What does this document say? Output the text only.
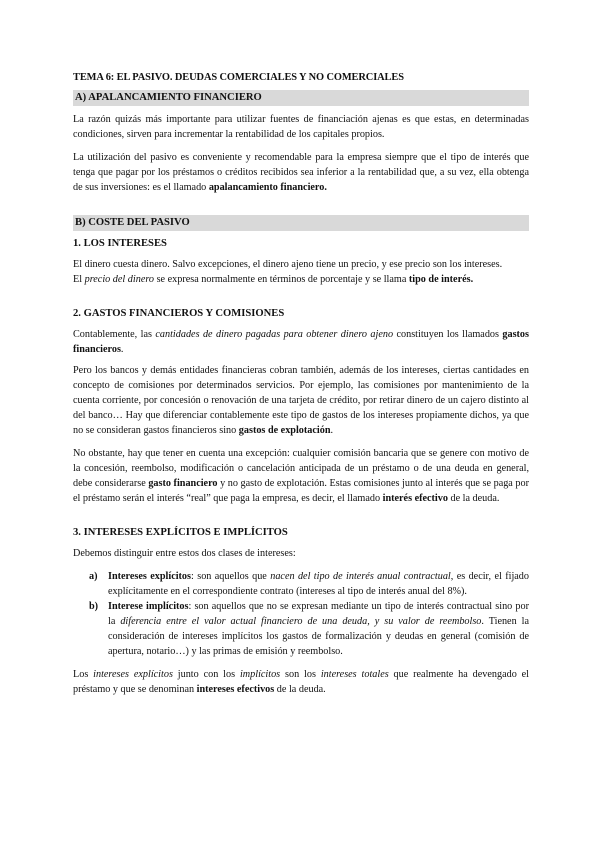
TEMA 6: EL PASIVO. DEUDAS COMERCIALES Y NO COMERCIALES

A) APALANCAMIENTO FINANCIERO

La razón quizás más importante para utilizar fuentes de financiación ajenas es que estas, en determinadas condiciones, sirven para incrementar la rentabilidad de los capitales propios.

La utilización del pasivo es conveniente y recomendable para la empresa siempre que el tipo de interés que tenga que pagar por los préstamos o créditos recibidos sea inferior a la rentabilidad que, a su vez, ella obtenga de sus inversiones: es el llamado apalancamiento financiero.

B) COSTE DEL PASIVO
1. LOS INTERESES

El dinero cuesta dinero. Salvo excepciones, el dinero ajeno tiene un precio, y ese precio son los intereses.

El precio del dinero se expresa normalmente en términos de porcentaje y se llama tipo de interés.

2. GASTOS FINANCIEROS Y COMISIONES

Contablemente, las cantidades de dinero pagadas para obtener dinero ajeno constituyen los llamados gastos financieros.

Pero los bancos y demás entidades financieras cobran también, además de los intereses, ciertas cantidades en concepto de comisiones por determinados servicios. Por ejemplo, las comisiones por mantenimiento de la cuenta corriente, por concesión o renovación de una tarjeta de crédito, por retirar dinero de un cajero distinto al del banco… Hay que diferenciar contablemente este tipo de gastos de los intereses propiamente dichos, ya que no se consideran gastos financieros sino gastos de explotación.

No obstante, hay que tener en cuenta una excepción: cualquier comisión bancaria que se genere con motivo de la concesión, reembolso, modificación o cancelación anticipada de un préstamo o de una deuda en general, debe considerarse gasto financiero y no gasto de explotación. Estas comisiones junto al interés que se paga por el préstamo serán el interés “real” que paga la empresa, es decir, el llamado interés efectivo de la deuda.

3. INTERESES EXPLÍCITOS E IMPLÍCITOS

Debemos distinguir entre estos dos clases de intereses:

a) Intereses explícitos: son aquellos que nacen del tipo de interés anual contractual, es decir, el fijado explícitamente en el correspondiente contrato (intereses al tipo de interés anual del 8%).
b) Interese implícitos: son aquellos que no se expresan mediante un tipo de interés contractual sino por la diferencia entre el valor actual financiero de una deuda, y su valor de reembolso. Tienen la consideración de intereses implícitos los gastos de formalización y deudas en general (comisión de apertura, notario…) y las primas de emisión y reembolso.

Los intereses explícitos junto con los implícitos son los intereses totales que realmente ha devengado el préstamo y que se denominan intereses efectivos de la deuda.
